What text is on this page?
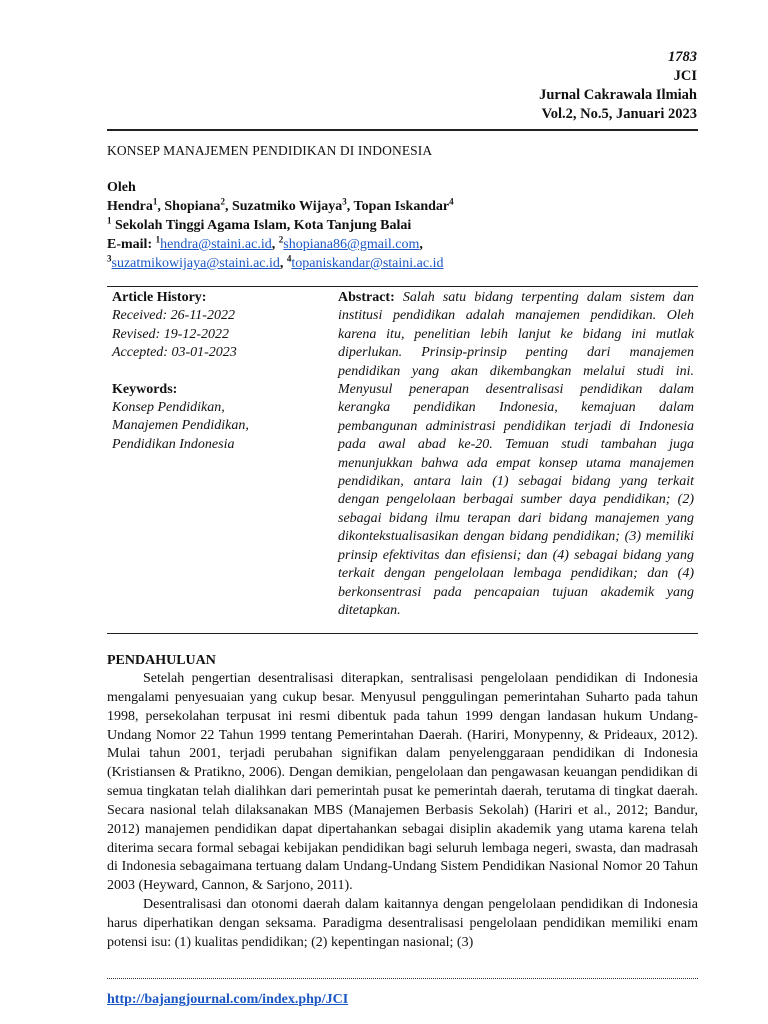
1783
JCI
Jurnal Cakrawala Ilmiah
Vol.2, No.5, Januari 2023
KONSEP MANAJEMEN PENDIDIKAN DI INDONESIA
Oleh
Hendra$^1$, Shopiana$^2$, Suzatmiko Wijaya$^3$, Topan Iskandar$^4$
$^1$ Sekolah Tinggi Agama Islam, Kota Tanjung Balai
E-mail: $^1$hendra@staini.ac.id, $^2$shopiana86@gmail.com,
$^3$suzatmikowijaya@staini.ac.id, $^4$topaniskandar@staini.ac.id
Article History:
Received: 26-11-2022
Revised: 19-12-2022
Accepted: 03-01-2023
Keywords:
Konsep Pendidikan,
Manajemen Pendidikan,
Pendidikan Indonesia
Abstract: Salah satu bidang terpenting dalam sistem dan institusi pendidikan adalah manajemen pendidikan. Oleh karena itu, penelitian lebih lanjut ke bidang ini mutlak diperlukan. Prinsip-prinsip penting dari manajemen pendidikan yang akan dikembangkan melalui studi ini. Menyusul penerapan desentralisasi pendidikan dalam kerangka pendidikan Indonesia, kemajuan dalam pembangunan administrasi pendidikan terjadi di Indonesia pada awal abad ke-20. Temuan studi tambahan juga menunjukkan bahwa ada empat konsep utama manajemen pendidikan, antara lain (1) sebagai bidang yang terkait dengan pengelolaan berbagai sumber daya pendidikan; (2) sebagai bidang ilmu terapan dari bidang manajemen yang dikontekstualisasikan dengan bidang pendidikan; (3) memiliki prinsip efektivitas dan efisiensi; dan (4) sebagai bidang yang terkait dengan pengelolaan lembaga pendidikan; dan (4) berkonsentrasi pada pencapaian tujuan akademik yang ditetapkan.
PENDAHULUAN

Setelah pengertian desentralisasi diterapkan, sentralisasi pengelolaan pendidikan di Indonesia mengalami penyesuaian yang cukup besar. Menyusul penggulingan pemerintahan Suharto pada tahun 1998, persekolahan terpusat ini resmi dibentuk pada tahun 1999 dengan landasan hukum Undang-Undang Nomor 22 Tahun 1999 tentang Pemerintahan Daerah. (Hariri, Monypenny, & Prideaux, 2012). Mulai tahun 2001, terjadi perubahan signifikan dalam penyelenggaraan pendidikan di Indonesia (Kristiansen & Pratikno, 2006). Dengan demikian, pengelolaan dan pengawasan keuangan pendidikan di semua tingkatan telah dialihkan dari pemerintah pusat ke pemerintah daerah, terutama di tingkat daerah. Secara nasional telah dilaksanakan MBS (Manajemen Berbasis Sekolah) (Hariri et al., 2012; Bandur, 2012) manajemen pendidikan dapat dipertahankan sebagai disiplin akademik yang utama karena telah diterima secara formal sebagai kebijakan pendidikan bagi seluruh lembaga negeri, swasta, dan madrasah di Indonesia sebagaimana tertuang dalam Undang-Undang Sistem Pendidikan Nasional Nomor 20 Tahun 2003 (Heyward, Cannon, & Sarjono, 2011).

Desentralisasi dan otonomi daerah dalam kaitannya dengan pengelolaan pendidikan di Indonesia harus diperhatikan dengan seksama. Paradigma desentralisasi pengelolaan pendidikan memiliki enam potensi isu: (1) kualitas pendidikan; (2) kepentingan nasional; (3)

http://bajangjournal.com/index.php/JCI
